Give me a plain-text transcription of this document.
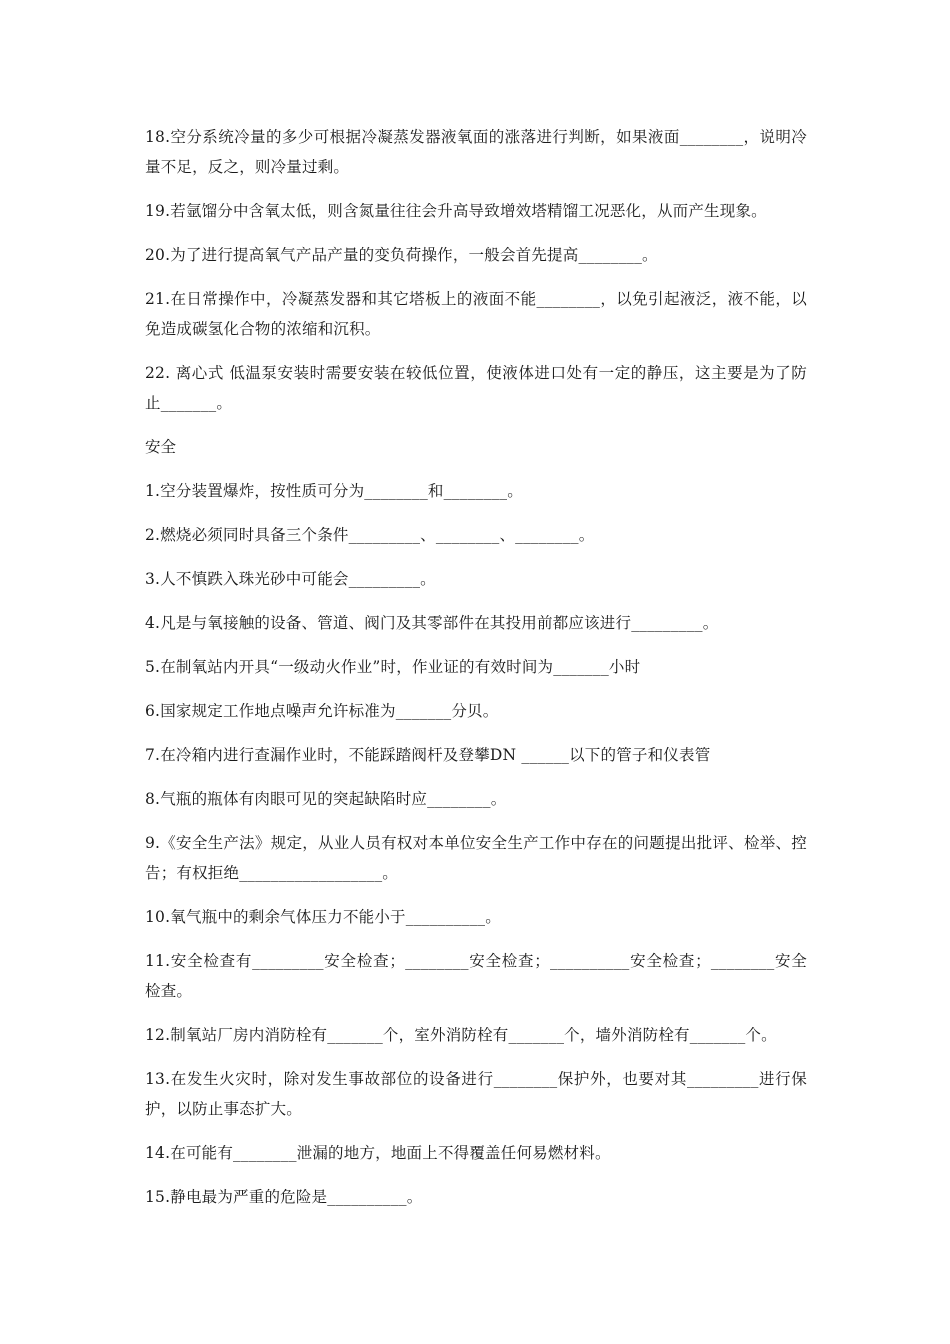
18.空分系统冷量的多少可根据冷凝蒸发器液氧面的涨落进行判断，如果液面________，说明冷量不足，反之，则冷量过剩。

19.若氩馏分中含氧太低，则含氮量往往会升高导致增效塔精馏工况恶化，从而产生现象。

20.为了进行提高氧气产品产量的变负荷操作，一般会首先提高________。

21.在日常操作中，冷凝蒸发器和其它塔板上的液面不能________，以免引起液泛，液不能，以免造成碳氢化合物的浓缩和沉积。

22. 离心式 低温泵安装时需要安装在较低位置，使液体进口处有一定的静压，这主要是为了防止_______。

安全

1.空分装置爆炸，按性质可分为________和________。

2.燃烧必须同时具备三个条件_________、________、________。

3.人不慎跌入珠光砂中可能会_________。

4.凡是与氧接触的设备、管道、阀门及其零部件在其投用前都应该进行_________。

5.在制氧站内开具“一级动火作业”时，作业证的有效时间为_______小时

6.国家规定工作地点噪声允许标准为_______分贝。

7.在冷箱内进行查漏作业时，不能踩踏阀杆及登攀DN ______以下的管子和仪表管

8.气瓶的瓶体有肉眼可见的突起缺陷时应________。

9.《安全生产法》规定，从业人员有权对本单位安全生产工作中存在的问题提出批评、检举、控告；有权拒绝__________________。

10.氧气瓶中的剩余气体压力不能小于__________。

11.安全检查有_________安全检查；________安全检查；__________安全检查；________安全检查。

12.制氧站厂房内消防栓有_______个，室外消防栓有_______个，墙外消防栓有_______个。

13.在发生火灾时，除对发生事故部位的设备进行________保护外，也要对其_________进行保护，以防止事态扩大。

14.在可能有________泄漏的地方，地面上不得覆盖任何易燃材料。

15.静电最为严重的危险是__________。
